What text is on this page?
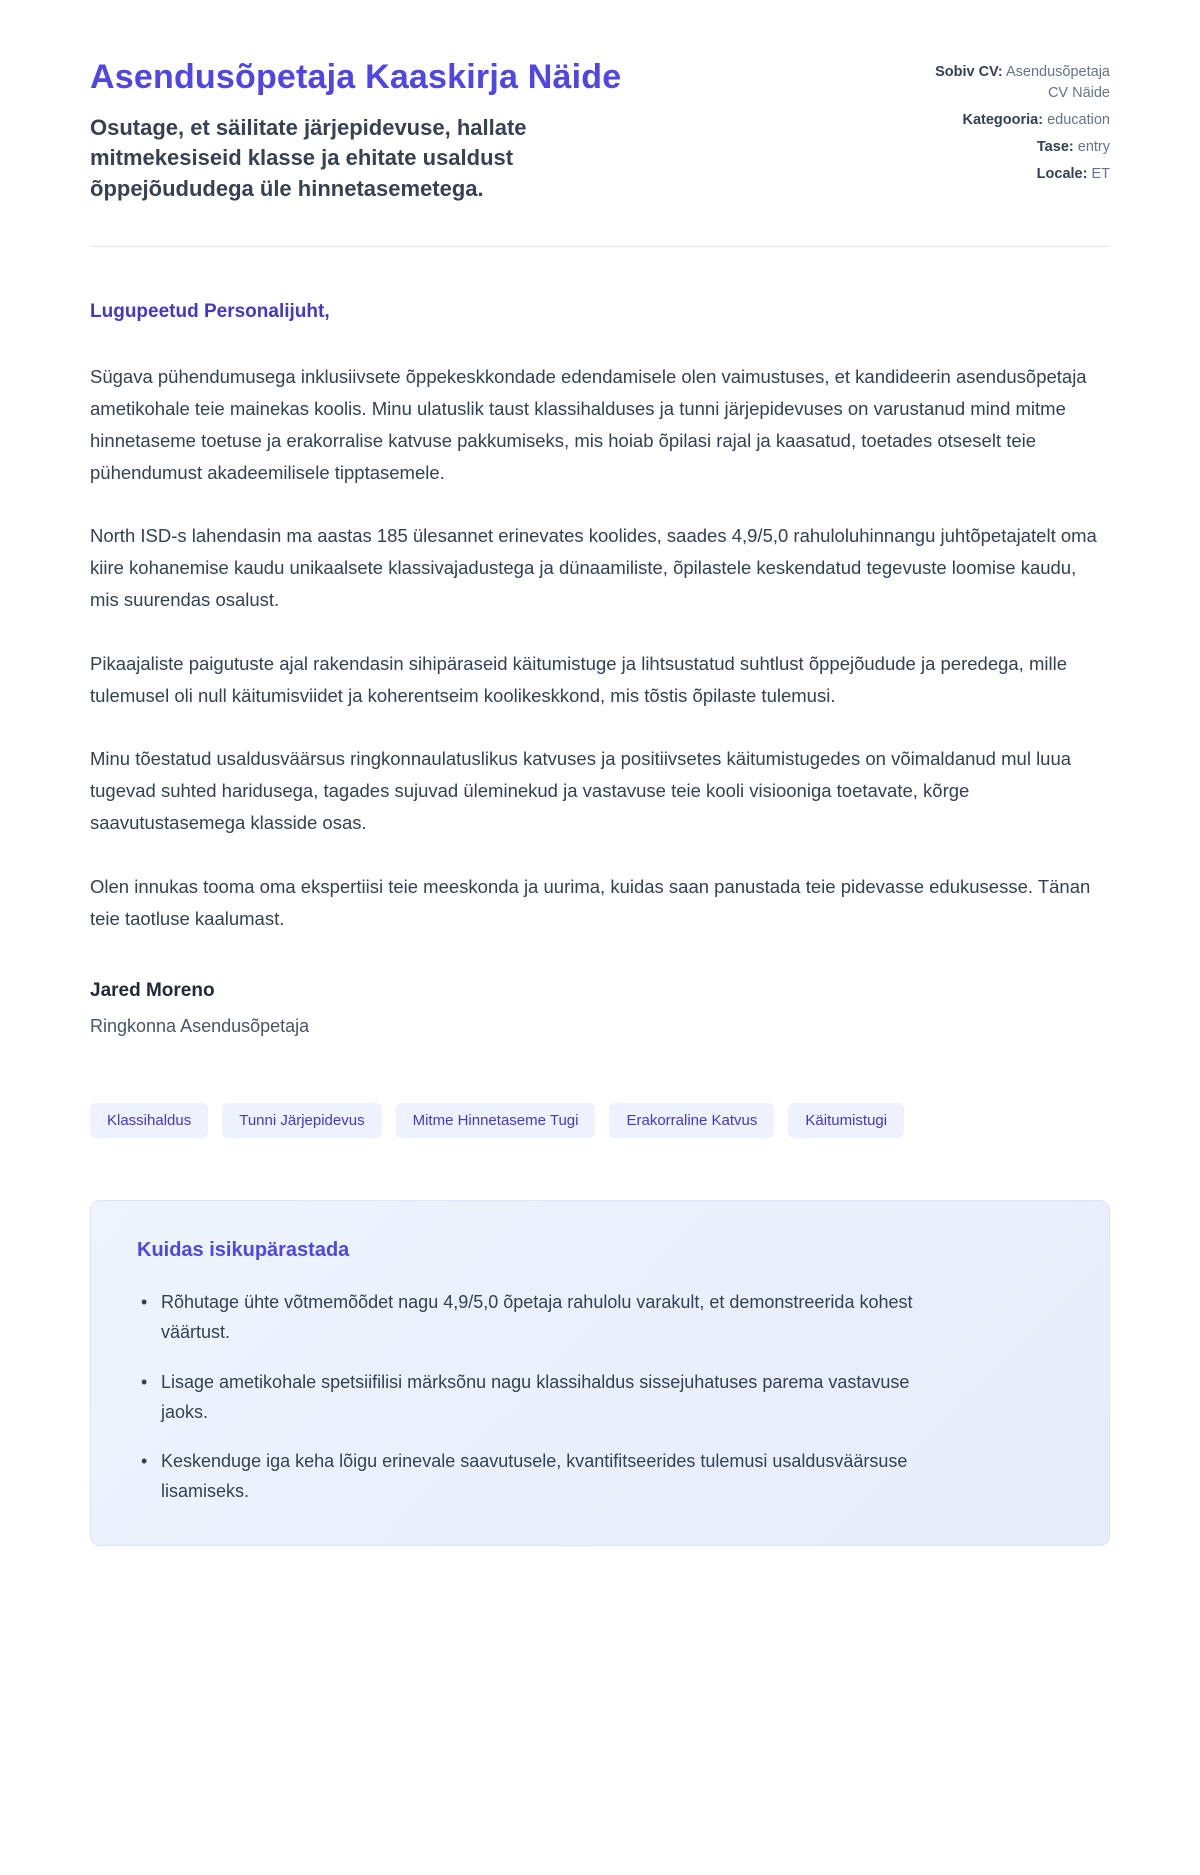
Asendusõpetaja Kaaskirja Näide
Osutage, et säilitate järjepidevuse, hallate mitmekesiseid klasse ja ehitate usaldust õppejõududega üle hinnetasemetega.
Sobiv CV: Asendusõpetaja CV Näide
Kategooria: education
Tase: entry
Locale: ET
Lugupeetud Personalijuht,

Sügava pühendumusega inklusiivsete õppekeskkondade edendamisele olen vaimustuses, et kandideerin asendusõpetaja ametikohale teie mainekas koolis. Minu ulatuslik taust klassihalduses ja tunni järjepidevuses on varustanud mind mitme hinnetaseme toetuse ja erakorralise katvuse pakkumiseks, mis hoiab õpilasi rajal ja kaasatud, toetades otseselt teie pühendumust akadeemilisele tipptasemele.

North ISD-s lahendasin ma aastas 185 ülesannet erinevates koolides, saades 4,9/5,0 rahuloluhinnangu juhtõpetajatelt oma kiire kohanemise kaudu unikaalsete klassivajadustega ja dünaamiliste, õpilastele keskendatud tegevuste loomise kaudu, mis suurendas osalust.

Pikaajaliste paigutuste ajal rakendasin sihipäraseid käitumistuge ja lihtsustatud suhtlust õppejõudude ja peredega, mille tulemusel oli null käitumisviidet ja koherentseim koolikeskkond, mis tõstis õpilaste tulemusi.

Minu tõestatud usaldusväärsus ringkonnaulatuslikus katvuses ja positiivsetes käitumistugedes on võimaldanud mul luua tugevad suhted haridusega, tagades sujuvad üleminekud ja vastavuse teie kooli visiooniga toetavate, kõrge saavutustasemega klasside osas.

Olen innukas tooma oma ekspertiisi teie meeskonda ja uurima, kuidas saan panustada teie pidevasse edukusesse. Tänan teie taotluse kaalumast.

Jared Moreno
Ringkonna Asendusõpetaja
Klassihaldus	Tunni Järjepidevus	Mitme Hinnetaseme Tugi	Erakorraline Katvus	Käitumistugi
Kuidas isikupärastada
• Rõhutage ühte võtmemõõdet nagu 4,9/5,0 õpetaja rahulolu varakult, et demonstreerida kohest väärtust.
• Lisage ametikohale spetsiifilisi märksõnu nagu klassihaldus sissejuhatuses parema vastavuse jaoks.
• Keskenduge iga keha lõigu erinevale saavutusele, kvantifitseerides tulemusi usaldusväärsuse lisamiseks.
